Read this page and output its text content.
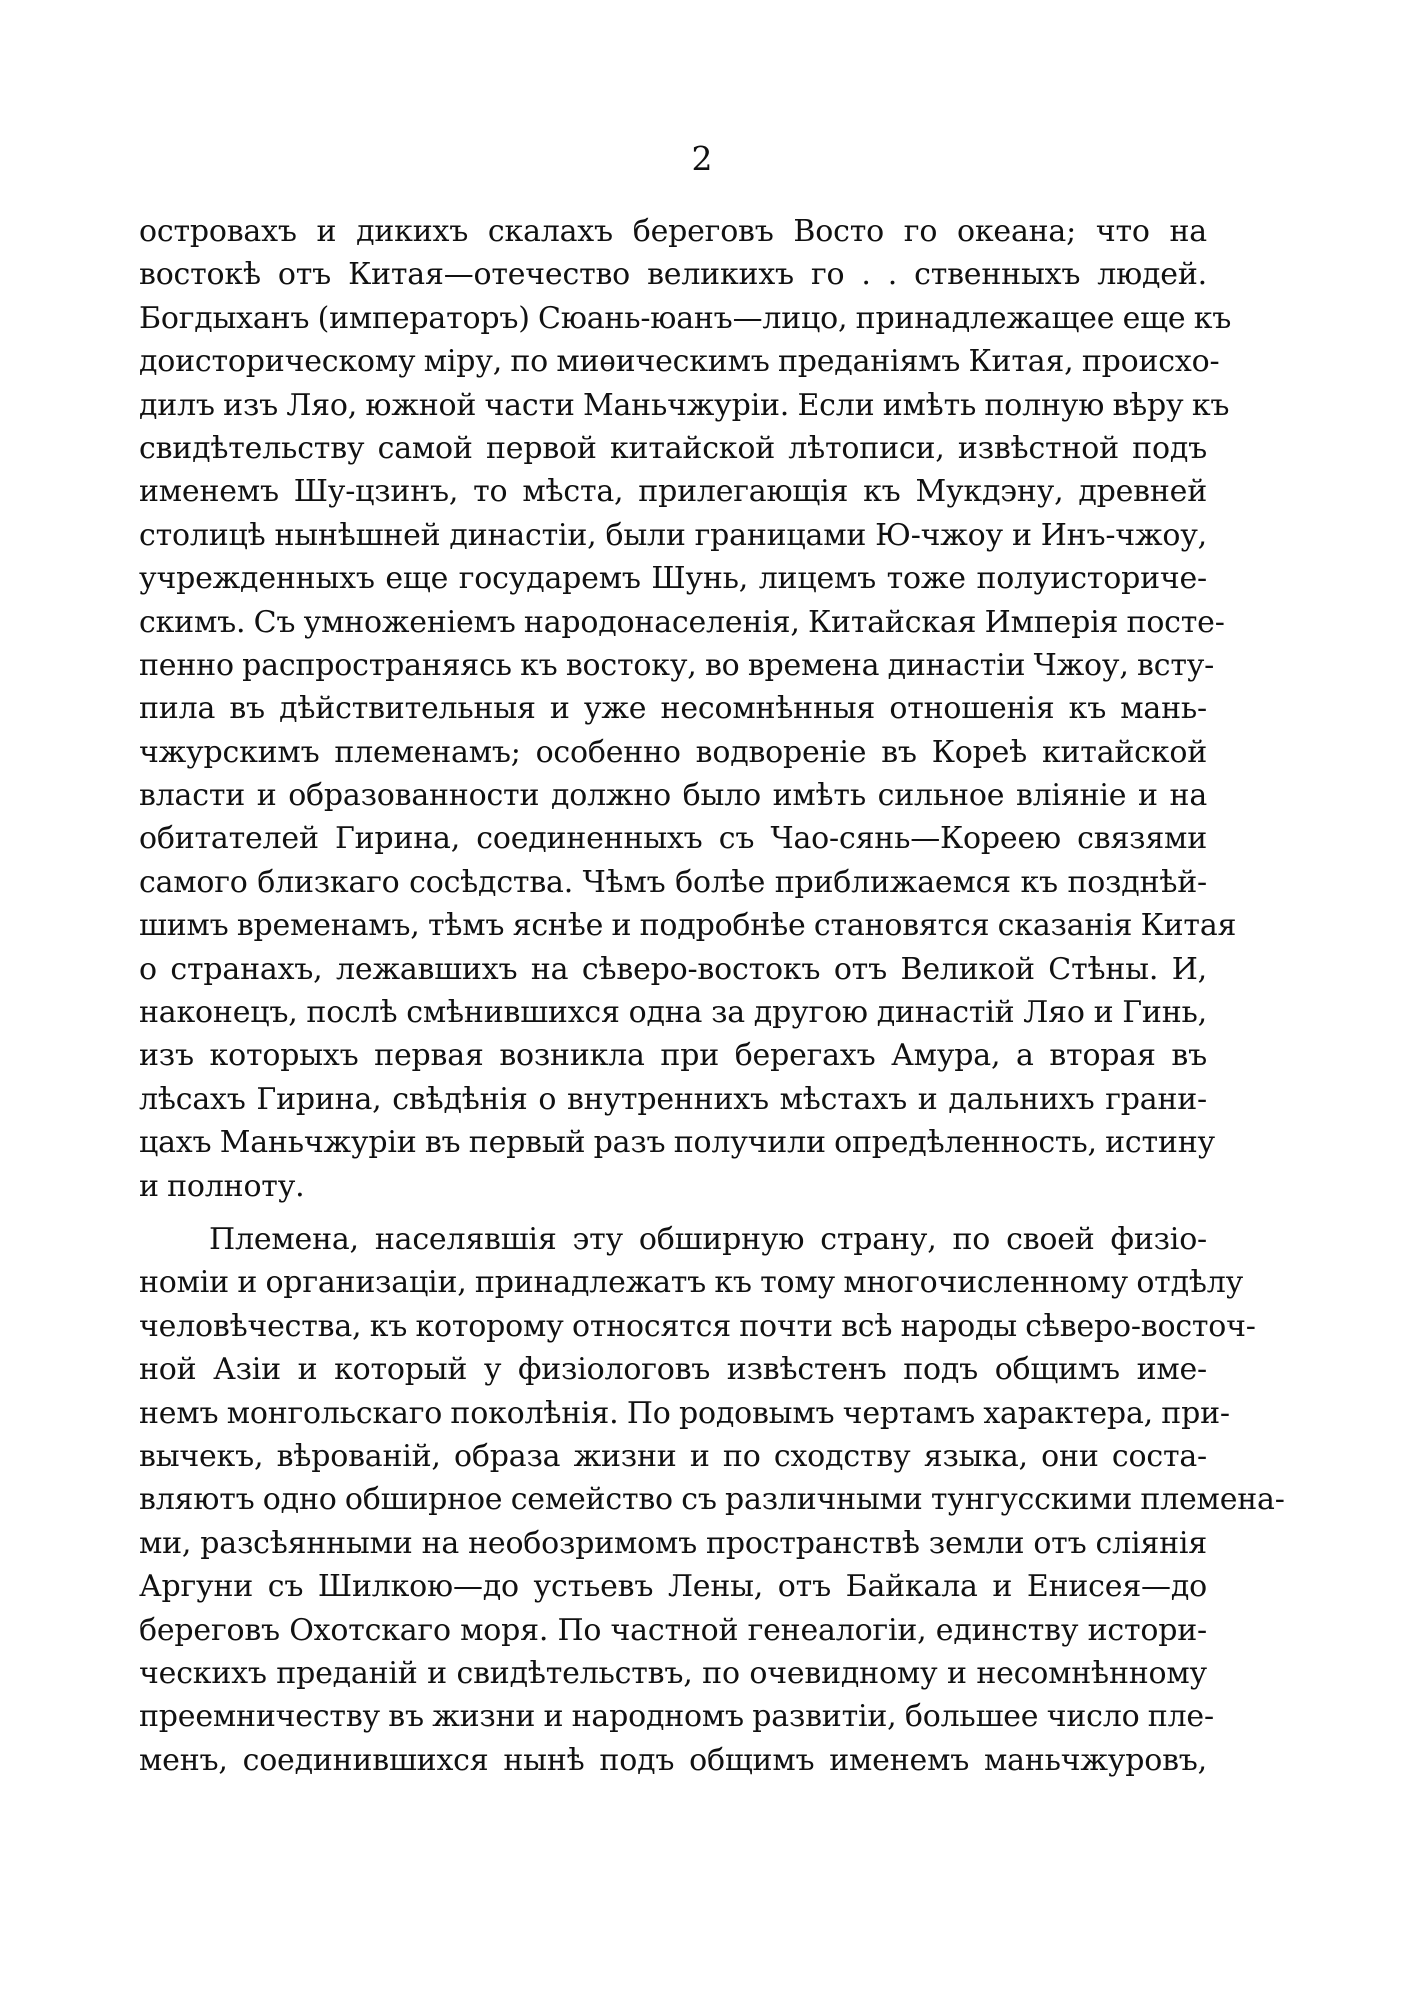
2
островахъ и дикихъ скалахъ береговъ Восто го океана; что на
востокѣ отъ Китая—отечество великихъ го . . ственныхъ людей.
Богдыханъ (императоръ) Сюань-юанъ—лицо, принадлежащее еще къ
доисторическому міру, по миѳическимъ преданіямъ Китая, происхо-
дилъ изъ Ляо, южной части Маньчжуріи. Если имѣть полную вѣру къ
свидѣтельству самой первой китайской лѣтописи, извѣстной подъ
именемъ Шу-цзинъ, то мѣста, прилегающія къ Мукдэну, древней
столицѣ нынѣшней династіи, были границами Ю-чжоу и Инъ-чжоу,
учрежденныхъ еще государемъ Шунь, лицемъ тоже полуисториче-
скимъ. Съ умноженіемъ народонаселенія, Китайская Имперія посте-
пенно распространяясь къ востоку, во времена династіи Чжоу, всту-
пила въ дѣйствительныя и уже несомнѣнныя отношенія къ мань-
чжурскимъ племенамъ; особенно водвореніе въ Кореѣ китайской
власти и образованности должно было имѣть сильное вліяніе и на
обитателей Гирина, соединенныхъ съ Чао-сянь—Кореею связями
самого близкаго сосѣдства. Чѣмъ болѣе приближаемся къ позднѣй-
шимъ временамъ, тѣмъ яснѣе и подробнѣе становятся сказанія Китая
о странахъ, лежавшихъ на сѣверо-востокъ отъ Великой Стѣны. И,
наконецъ, послѣ смѣнившихся одна за другою династій Ляо и Гинь,
изъ которыхъ первая возникла при берегахъ Амура, а вторая въ
лѣсахъ Гирина, свѣдѣнія о внутреннихъ мѣстахъ и дальнихъ грани-
цахъ Маньчжуріи въ первый разъ получили опредѣленность, истину
и полноту.
Племена, населявшія эту обширную страну, по своей физіо-
номіи и организаціи, принадлежатъ къ тому многочисленному отдѣлу
человѣчества, къ которому относятся почти всѣ народы сѣверо-восточ-
ной Азіи и который у физіологовъ извѣстенъ подъ общимъ име-
немъ монгольскаго поколѣнія. По родовымъ чертамъ характера, при-
вычекъ, вѣрованій, образа жизни и по сходству языка, они соста-
вляютъ одно обширное семейство съ различными тунгусскими племена-
ми, разсѣянными на необозримомъ пространствѣ земли отъ слiянія
Аргуни съ Шилкою—до устьевъ Лены, отъ Байкала и Енисея—до
береговъ Охотскаго моря. По частной генеалогіи, единству истори-
ческихъ преданій и свидѣтельствъ, по очевидному и несомнѣнному
преемничеству въ жизни и народномъ развитіи, большее число пле-
менъ, соединившихся нынѣ подъ общимъ именемъ маньчжуровъ,
